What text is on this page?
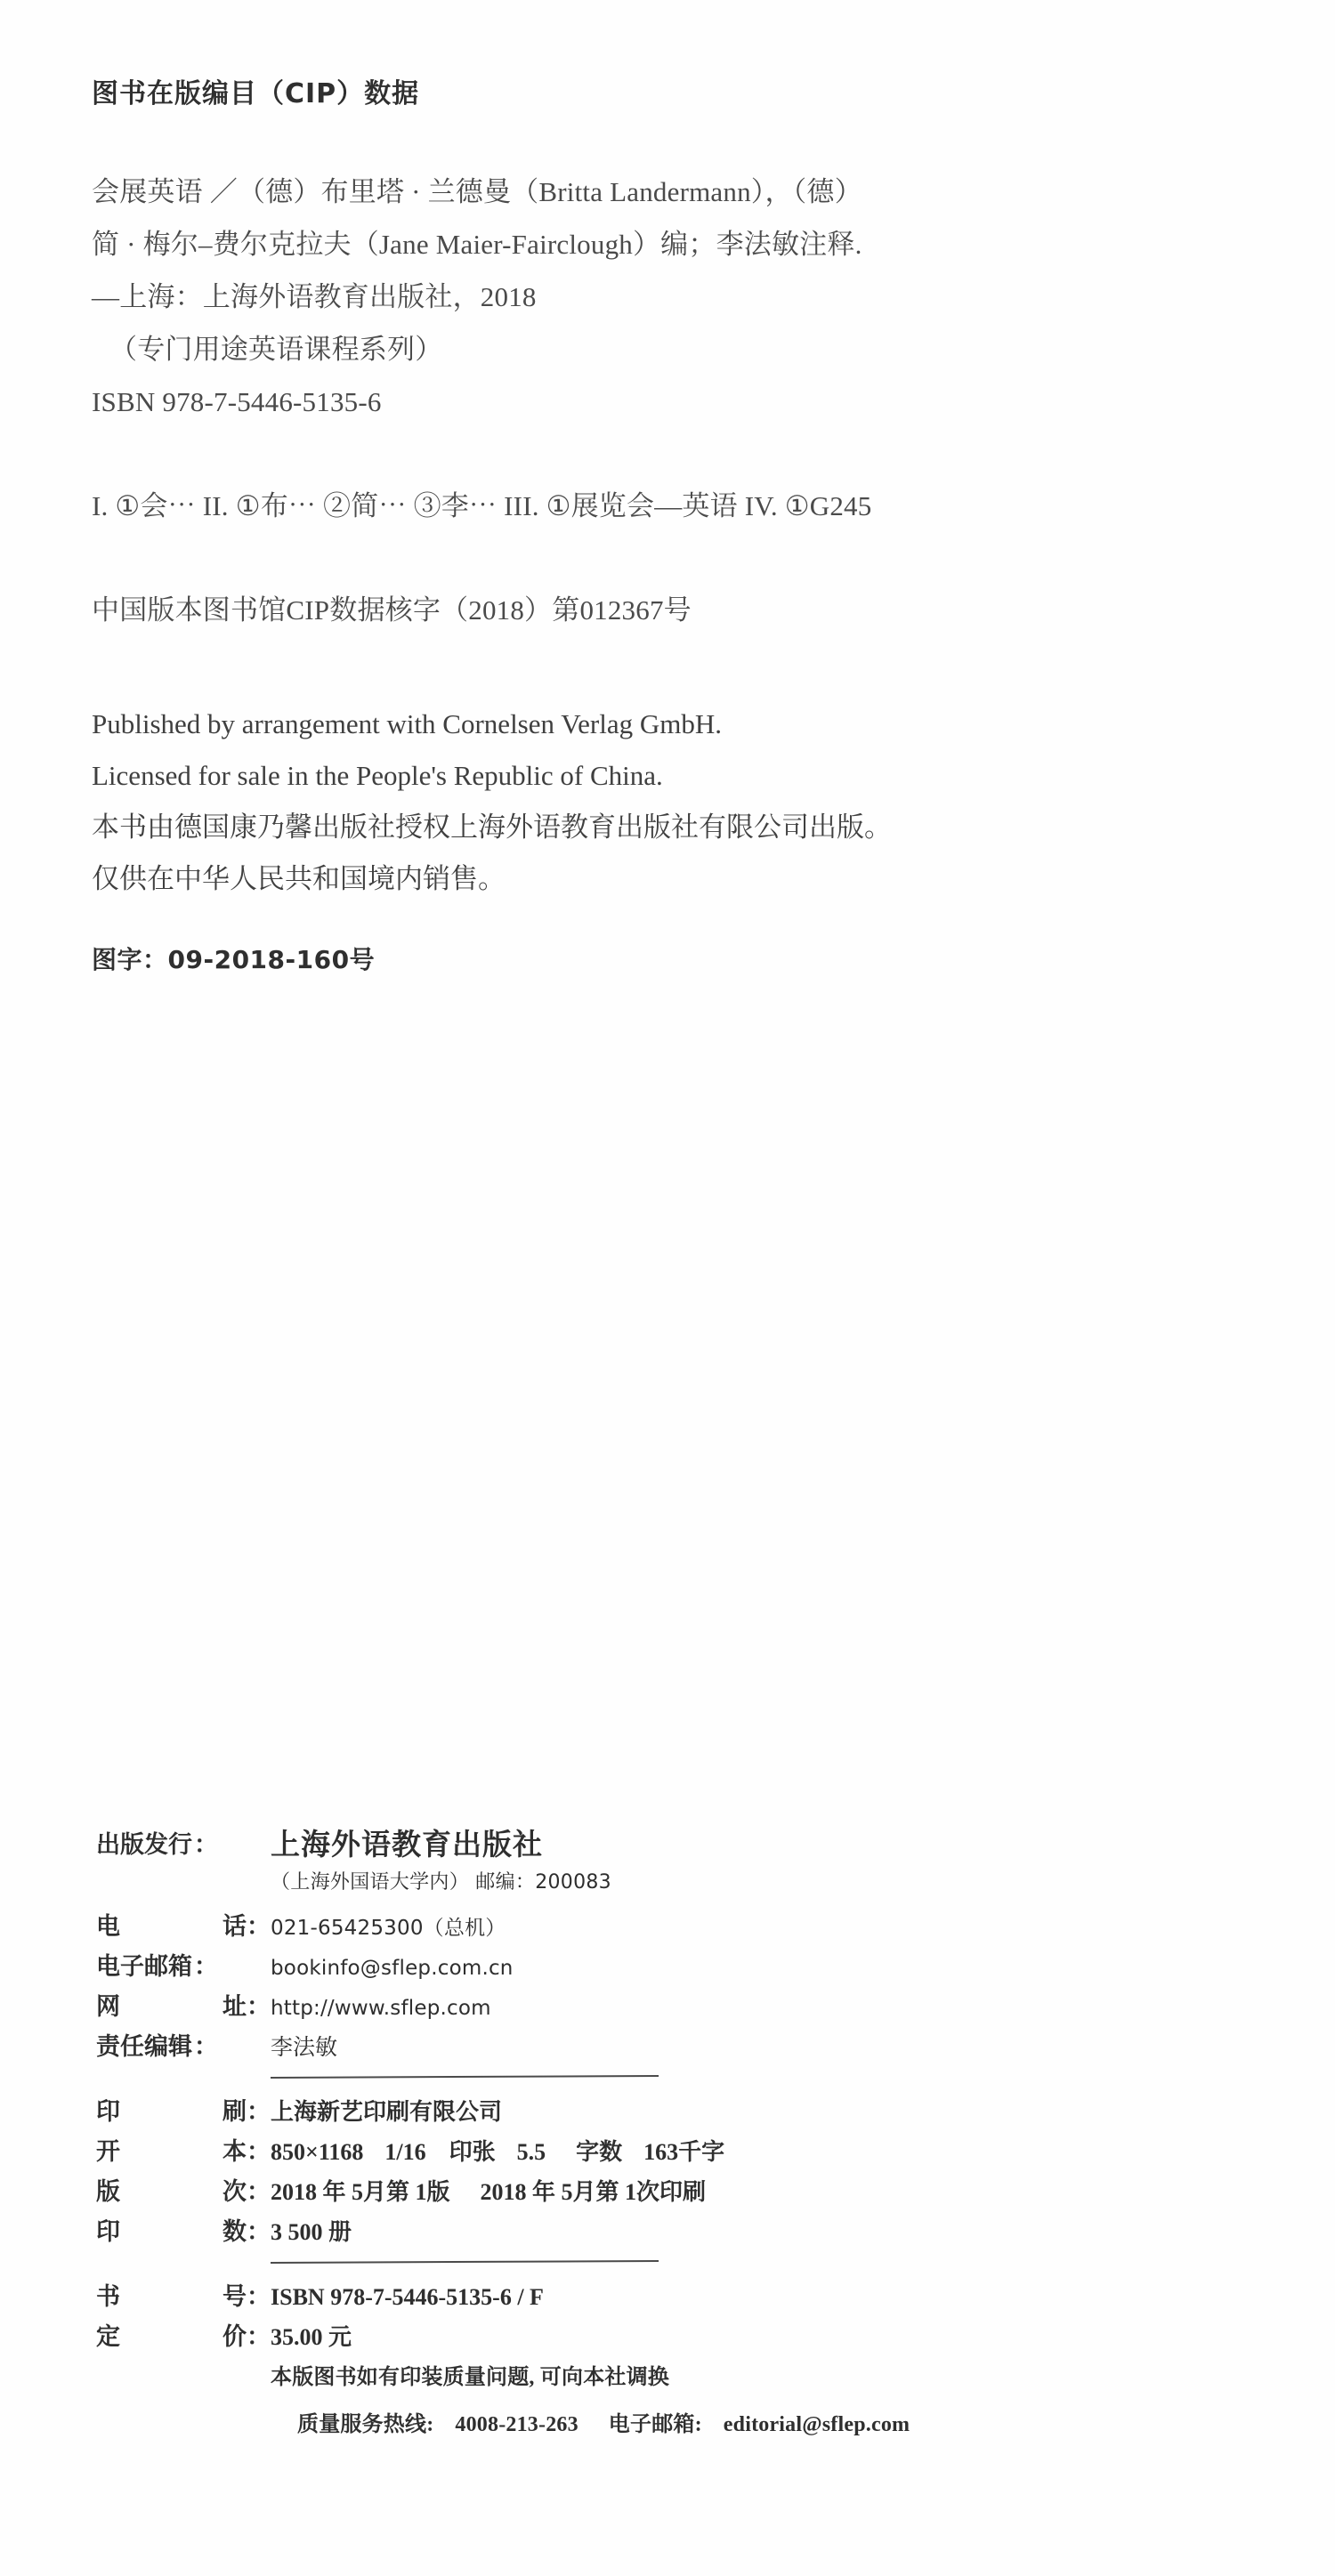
图书在版编目（CIP）数据
会展英语 ／（德）布里塔 · 兰德曼（Britta Landermann），（德）
简 · 梅尔–费尔克拉夫（Jane Maier-Fairclough）编；李法敏注释.
—上海：上海外语教育出版社，2018
（专门用途英语课程系列）
ISBN 978-7-5446-5135-6
I. ①会⋯ II. ①布⋯ ②简⋯ ③李⋯ III. ①展览会—英语 IV. ①G245
中国版本图书馆CIP数据核字（2018）第012367号
Published by arrangement with Cornelsen Verlag GmbH.
Licensed for sale in the People's Republic of China.
本书由德国康乃馨出版社授权上海外语教育出版社有限公司出版。
仅供在中华人民共和国境内销售。
图字：09-2018-160号
出版发行 ： 上海外语教育出版社
（上海外国语大学内） 邮编：200083
电	话： 021-65425300（总机）
电子邮箱 ：	bookinfo@sflep.com.cn
网	址： http://www.sflep.com
责任编辑 ： 李法敏
印	刷： 上海新艺印刷有限公司
开	本： 850×1168 1/16 印张 5.5 字数 163千字
版	次： 2018 年 5月第 1版 2018 年 5月第 1次印刷
印	数： 3 500 册
书	号： ISBN 978-7-5446-5135-6 / F
定	价： 35.00 元
本版图书如有印装质量问题, 可向本社调换
质量服务热线: 4008-213-263 电子邮箱: editorial@sflep.com
